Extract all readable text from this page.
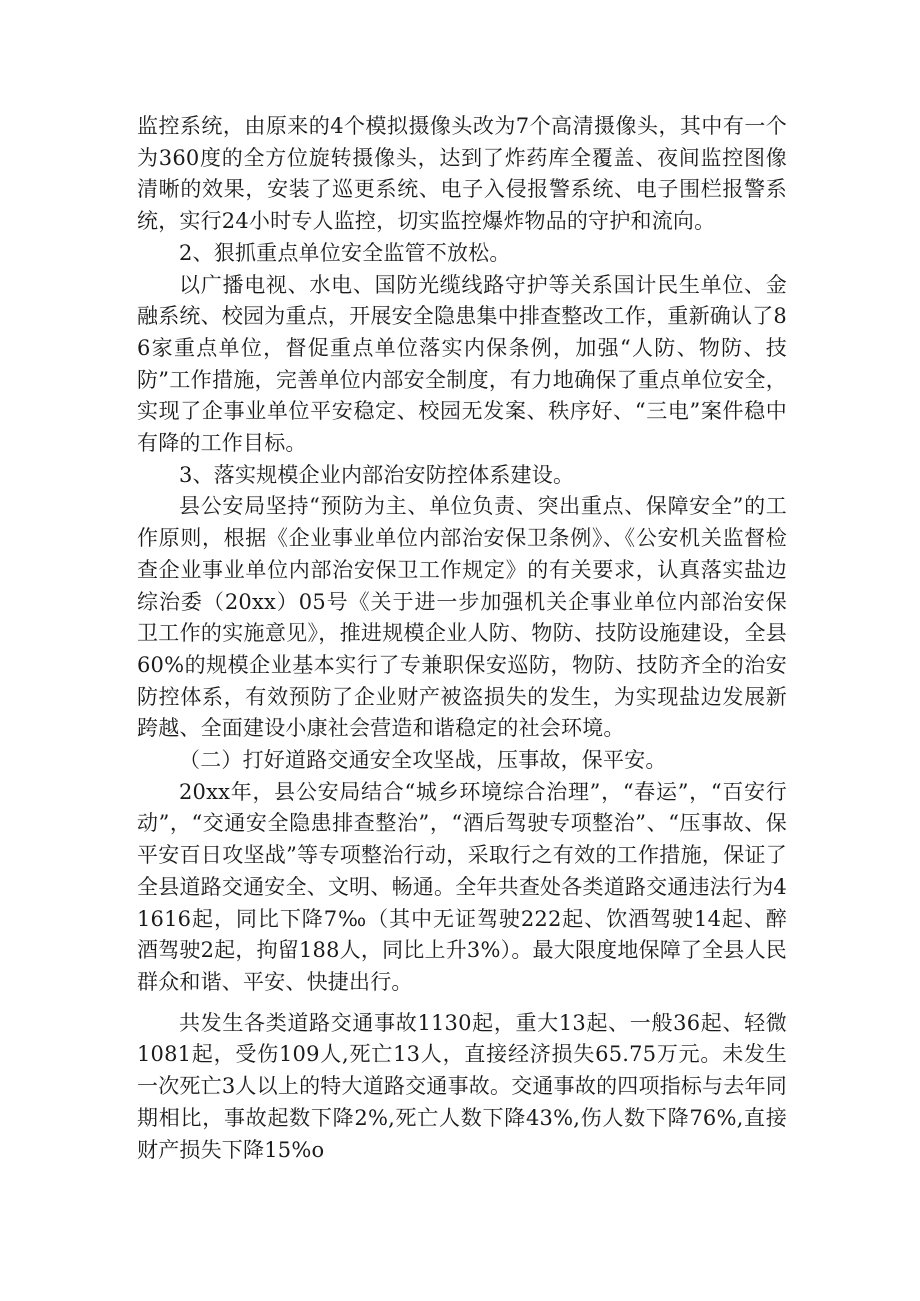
监控系统，由原来的4个模拟摄像头改为7个高清摄像头，其中有一个为360度的全方位旋转摄像头，达到了炸药库全覆盖、夜间监控图像清晰的效果，安装了巡更系统、电子入侵报警系统、电子围栏报警系统，实行24小时专人监控，切实监控爆炸物品的守护和流向。

2、狠抓重点单位安全监管不放松。

以广播电视、水电、国防光缆线路守护等关系国计民生单位、金融系统、校园为重点，开展安全隐患集中排查整改工作，重新确认了86家重点单位，督促重点单位落实内保条例，加强“人防、物防、技防”工作措施，完善单位内部安全制度，有力地确保了重点单位安全，实现了企事业单位平安稳定、校园无发案、秩序好、“三电”案件稳中有降的工作目标。

3、落实规模企业内部治安防控体系建设。

县公安局坚持“预防为主、单位负责、突出重点、保障安全”的工作原则，根据《企业事业单位内部治安保卫条例》、《公安机关监督检查企业事业单位内部治安保卫工作规定》的有关要求，认真落实盐边综治委（20xx）05号《关于进一步加强机关企事业单位内部治安保卫工作的实施意见》，推进规模企业人防、物防、技防设施建设，全县60%的规模企业基本实行了专兼职保安巡防，物防、技防齐全的治安防控体系，有效预防了企业财产被盗损失的发生，为实现盐边发展新跨越、全面建设小康社会营造和谐稳定的社会环境。

（二）打好道路交通安全攻坚战，压事故，保平安。

20xx年，县公安局结合“城乡环境综合治理”，“春运”，“百安行动”，“交通安全隐患排查整治”，“酒后驾驶专项整治”、“压事故、保平安百日攻坚战”等专项整治行动，采取行之有效的工作措施，保证了全县道路交通安全、文明、畅通。全年共查处各类道路交通违法行为41616起，同比下降7‰（其中无证驾驶222起、饮酒驾驶14起、醉酒驾驶2起，拘留188人，同比上升3%）。最大限度地保障了全县人民群众和谐、平安、快捷出行。

共发生各类道路交通事故1130起，重大13起、一般36起、轻微1081起，受伤109人,死亡13人，直接经济损失65.75万元。未发生一次死亡3人以上的特大道路交通事故。交通事故的四项指标与去年同期相比，事故起数下降2%,死亡人数下降43%,伤人数下降76%,直接财产损失下降15%o
